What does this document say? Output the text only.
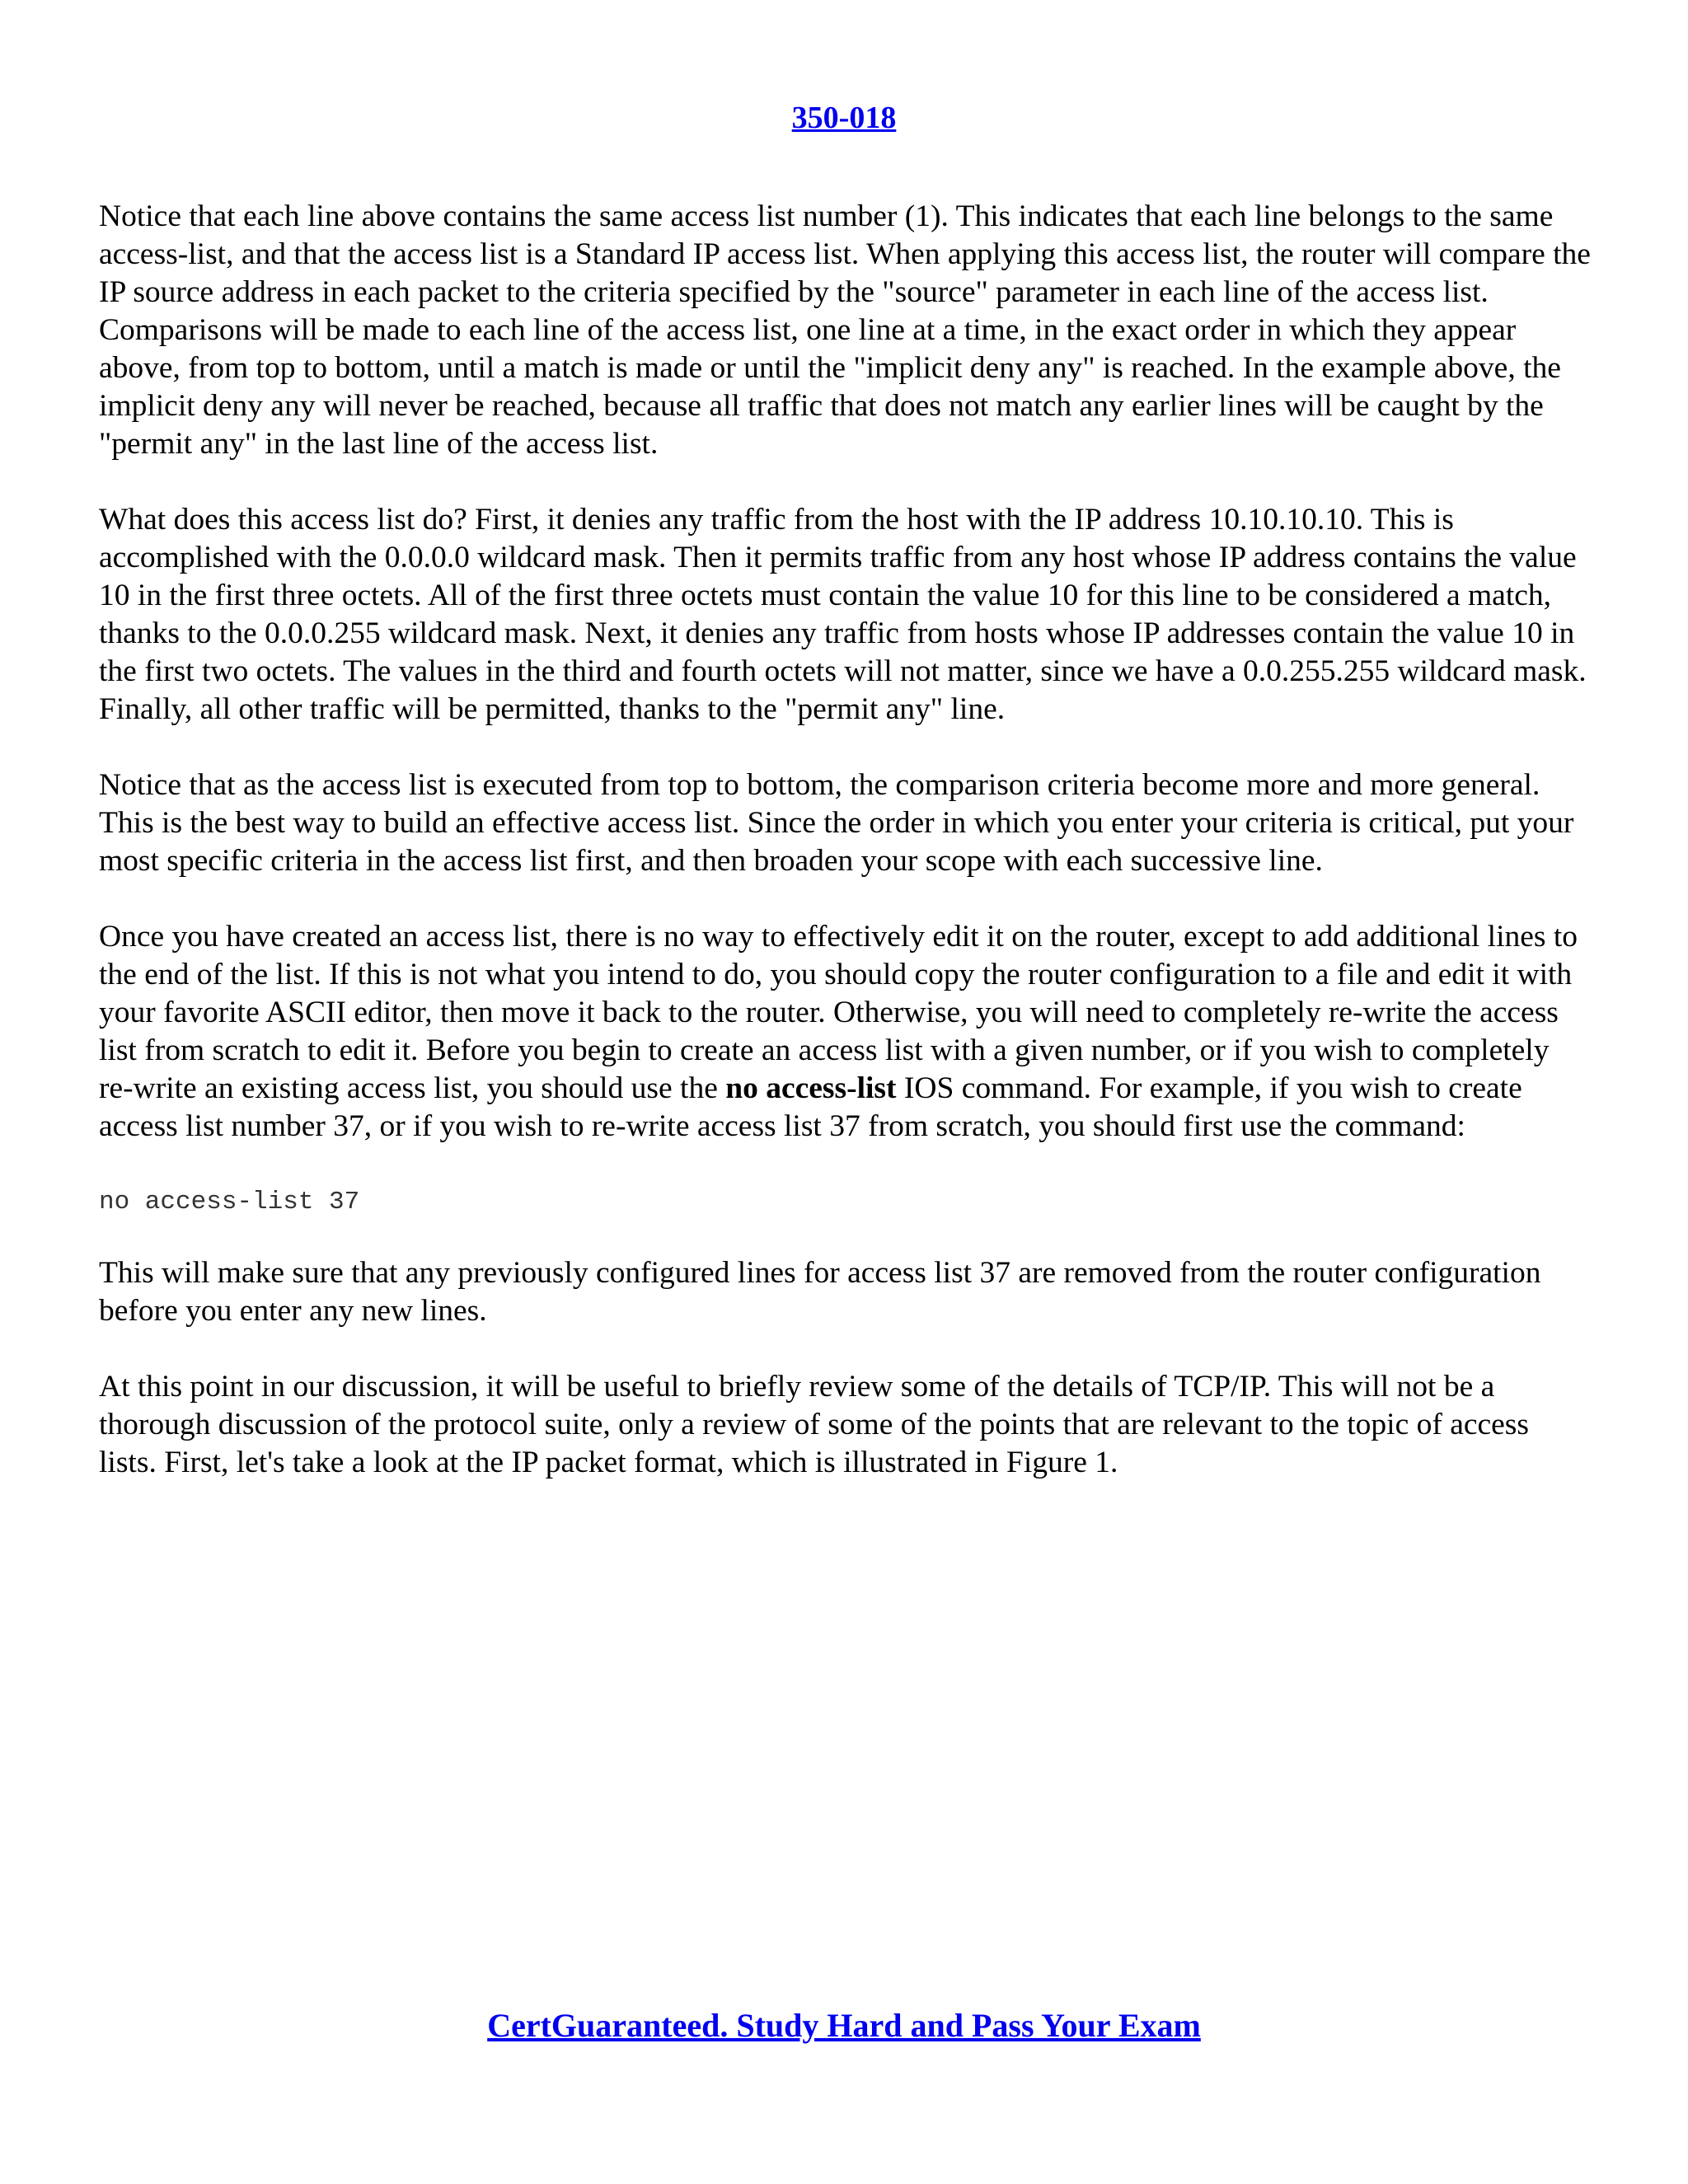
350-018

Notice that each line above contains the same access list number (1). This indicates that each line belongs to the same access-list, and that the access list is a Standard IP access list. When applying this access list, the router will compare the IP source address in each packet to the criteria specified by the "source" parameter in each line of the access list. Comparisons will be made to each line of the access list, one line at a time, in the exact order in which they appear above, from top to bottom, until a match is made or until the "implicit deny any" is reached. In the example above, the implicit deny any will never be reached, because all traffic that does not match any earlier lines will be caught by the "permit any" in the last line of the access list.

What does this access list do? First, it denies any traffic from the host with the IP address 10.10.10.10. This is accomplished with the 0.0.0.0 wildcard mask. Then it permits traffic from any host whose IP address contains the value 10 in the first three octets. All of the first three octets must contain the value 10 for this line to be considered a match, thanks to the 0.0.0.255 wildcard mask. Next, it denies any traffic from hosts whose IP addresses contain the value 10 in the first two octets. The values in the third and fourth octets will not matter, since we have a 0.0.255.255 wildcard mask. Finally, all other traffic will be permitted, thanks to the "permit any" line.

Notice that as the access list is executed from top to bottom, the comparison criteria become more and more general. This is the best way to build an effective access list. Since the order in which you enter your criteria is critical, put your most specific criteria in the access list first, and then broaden your scope with each successive line.

Once you have created an access list, there is no way to effectively edit it on the router, except to add additional lines to the end of the list. If this is not what you intend to do, you should copy the router configuration to a file and edit it with your favorite ASCII editor, then move it back to the router. Otherwise, you will need to completely re-write the access list from scratch to edit it. Before you begin to create an access list with a given number, or if you wish to completely re-write an existing access list, you should use the no access-list IOS command. For example, if you wish to create access list number 37, or if you wish to re-write access list 37 from scratch, you should first use the command:

no access-list 37

This will make sure that any previously configured lines for access list 37 are removed from the router configuration before you enter any new lines.

At this point in our discussion, it will be useful to briefly review some of the details of TCP/IP. This will not be a thorough discussion of the protocol suite, only a review of some of the points that are relevant to the topic of access lists. First, let's take a look at the IP packet format, which is illustrated in Figure 1.

CertGuaranteed. Study Hard and Pass Your Exam
